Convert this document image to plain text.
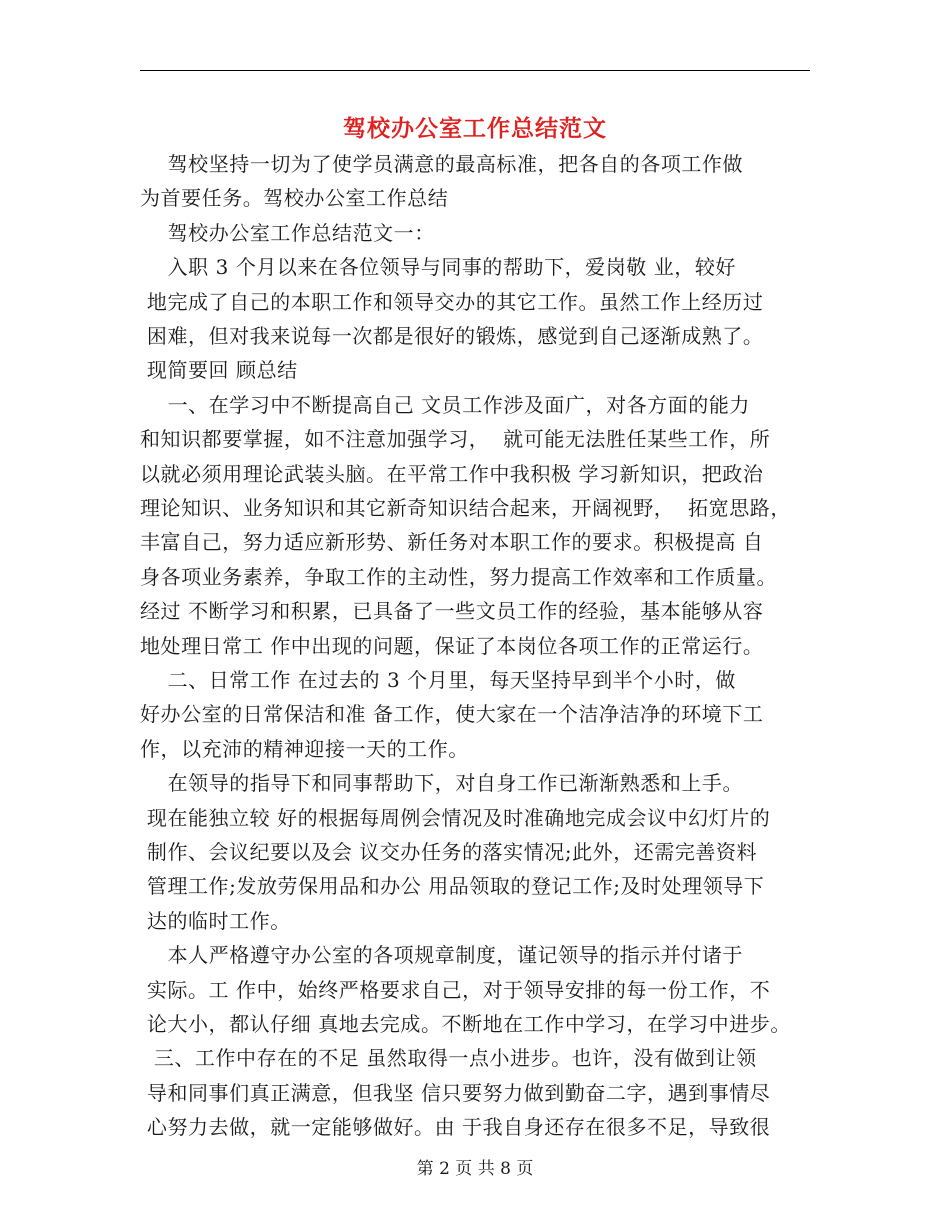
驾校办公室工作总结范文
驾校坚持一切为了使学员满意的最高标准，把各自的各项工作做
为首要任务。驾校办公室工作总结
驾校办公室工作总结范文一：
入职 3 个月以来在各位领导与同事的帮助下，爱岗敬 业，较好
地完成了自己的本职工作和领导交办的其它工作。虽然工作上经历过
困难，但对我来说每一次都是很好的锻炼，感觉到自己逐渐成熟了。
现简要回 顾总结
一、在学习中不断提高自己 文员工作涉及面广，对各方面的能力
和知识都要掌握，如不注意加强学习，  就可能无法胜任某些工作，所
以就必须用理论武装头脑。在平常工作中我积极 学习新知识，把政治
理论知识、业务知识和其它新奇知识结合起来，开阔视野，  拓宽思路，
丰富自己，努力适应新形势、新任务对本职工作的要求。积极提高 自
身各项业务素养，争取工作的主动性，努力提高工作效率和工作质量。
经过 不断学习和积累，已具备了一些文员工作的经验，基本能够从容
地处理日常工 作中出现的问题，保证了本岗位各项工作的正常运行。
二、日常工作 在过去的 3 个月里，每天坚持早到半个小时，做
好办公室的日常保洁和准 备工作，使大家在一个洁净洁净的环境下工
作，以充沛的精神迎接一天的工作。
在领导的指导下和同事帮助下，对自身工作已渐渐熟悉和上手。
现在能独立较 好的根据每周例会情况及时准确地完成会议中幻灯片的
制作、会议纪要以及会 议交办任务的落实情况;此外，还需完善资料
管理工作;发放劳保用品和办公 用品领取的登记工作;及时处理领导下
达的临时工作。
本人严格遵守办公室的各项规章制度，谨记领导的指示并付诸于
实际。工 作中，始终严格要求自己，对于领导安排的每一份工作，不
论大小，都认仔细 真地去完成。不断地在工作中学习，在学习中进步。
三、工作中存在的不足 虽然取得一点小进步。也许，没有做到让领
导和同事们真正满意，但我坚 信只要努力做到勤奋二字，遇到事情尽
心努力去做，就一定能够做好。由 于我自身还存在很多不足，导致很
第 2 页 共 8 页
